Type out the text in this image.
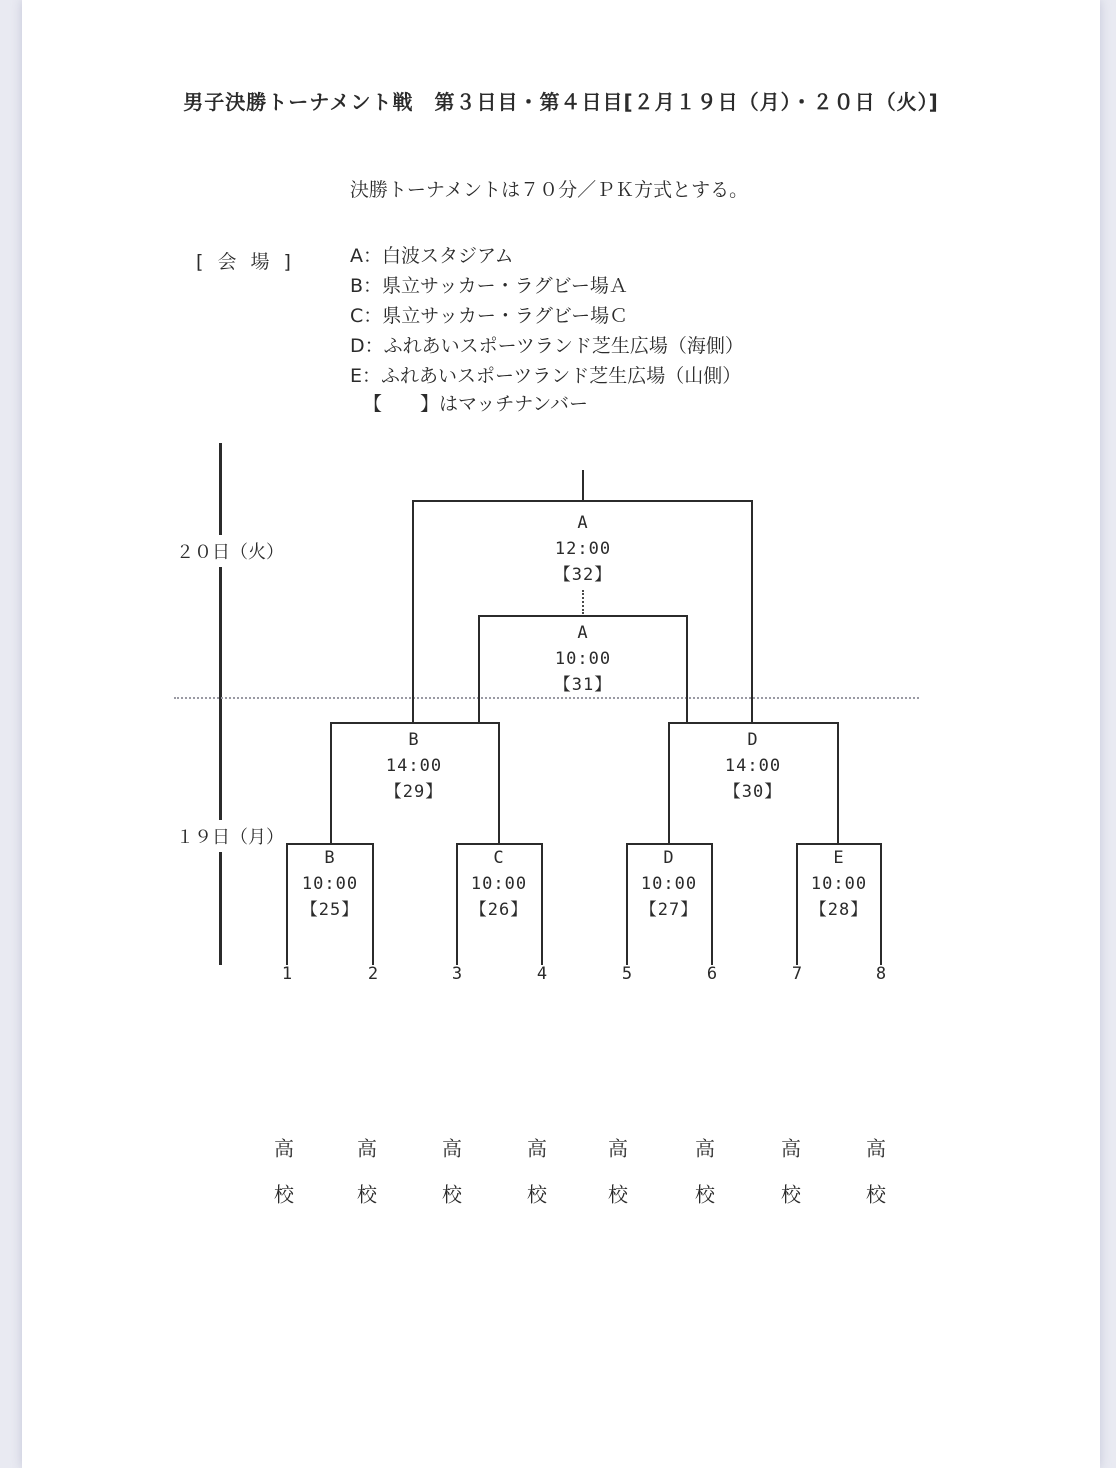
男子決勝トーナメント戦　第３日目・第４日目[２月１９日（月）・２０日（火）]
決勝トーナメントは７０分／ＰＫ方式とする。
[ 会 場 ]	A：白波スタジアム
B：県立サッカー・ラグビー場Ａ
C：県立サッカー・ラグビー場Ｃ
D：ふれあいスポーツランド芝生広場（海側）
E：ふれあいスポーツランド芝生広場（山側）
【　　】はマッチナンバー
２０日（火）
１９日（月）
A
12:00
【32】
A
10:00
【31】
B
14:00
【29】
D
14:00
【30】
B
10:00
【25】
C
10:00
【26】
D
10:00
【27】
E
10:00
【28】
1	2	3	4	5	6	7	8
高校	高校	高校	高校	高校	高校	高校	高校
